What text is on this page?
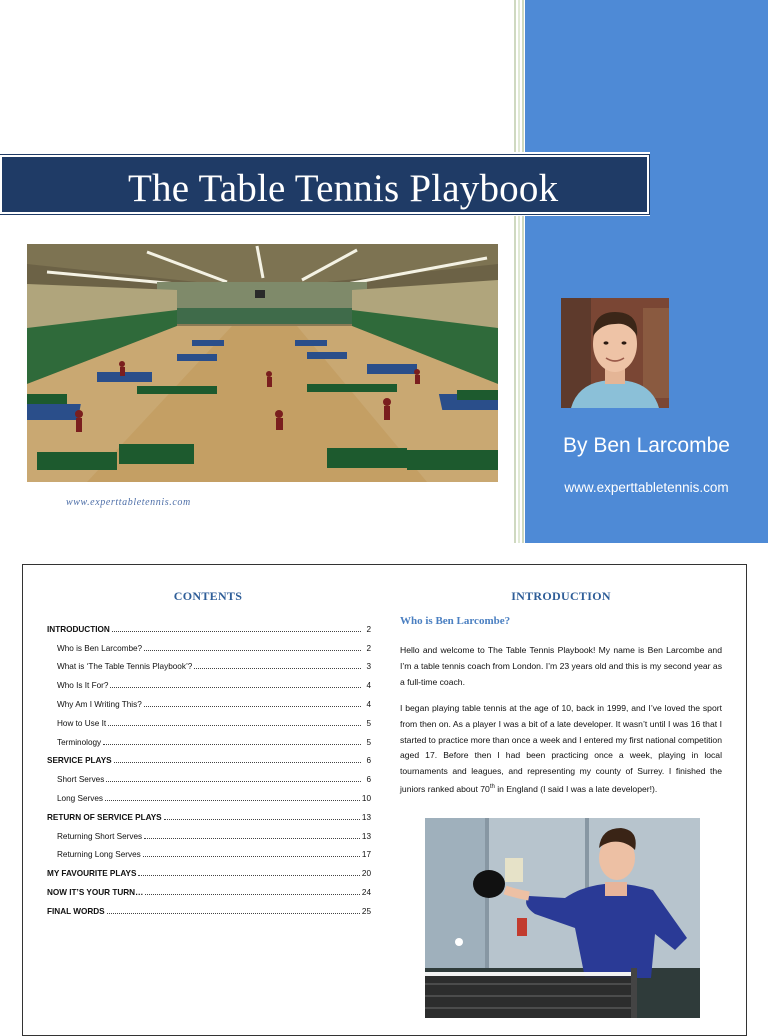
The Table Tennis Playbook
www.experttabletennis.com
By Ben Larcombe
www.experttabletennis.com
CONTENTS
INTRODUCTION	2
Who is Ben Larcombe?	2
What is ‘The Table Tennis Playbook’?	3
Who Is It For?	4
Why Am I Writing This?	4
How to Use It	5
Terminology	5
SERVICE PLAYS	6
Short Serves	6
Long Serves	10
RETURN OF SERVICE PLAYS	13
Returning Short Serves	13
Returning Long Serves	17
MY FAVOURITE PLAYS	20
NOW IT’S YOUR TURN…	24
FINAL WORDS	25
INTRODUCTION
Who is Ben Larcombe?

Hello and welcome to The Table Tennis Playbook! My name is Ben Larcombe and I’m a table tennis coach from London. I’m 23 years old and this is my second year as a full-time coach.

I began playing table tennis at the age of 10, back in 1999, and I’ve loved the sport from then on. As a player I was a bit of a late developer. It wasn’t until I was 16 that I started to practice more than once a week and I entered my first national competition aged 17. Before then I had been practicing once a week, playing in local tournaments and leagues, and representing my county of Surrey. I finished the juniors ranked about 70th in England (I said I was a late developer!).
